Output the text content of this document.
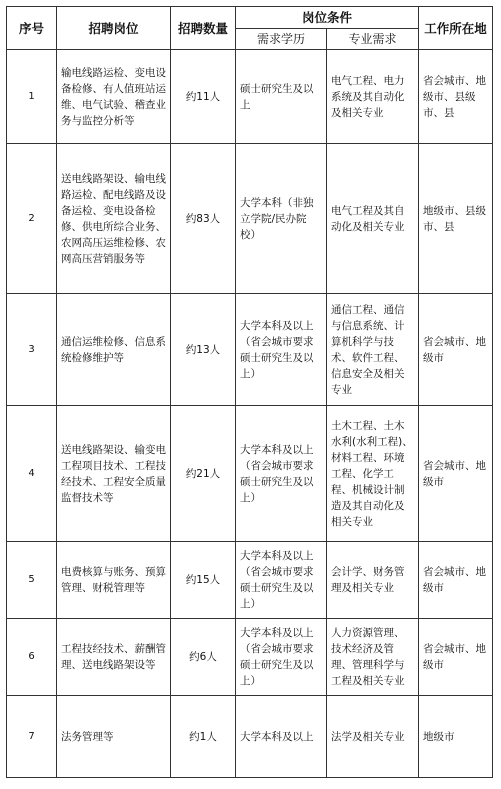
序号	招聘岗位	招聘数量	岗位条件		工作所在地
			需求学历	专业需求	
1	输电线路运检、变电设备检修、有人值班站运维、电气试验、稽查业务与监控分析等	约11人	硕士研究生及以上	电气工程、电力系统及其自动化及相关专业	省会城市、地级市、县级市、县
2	送电线路架设、输电线路运检、配电线路及设备运检、变电设备检修、供电所综合业务、农网高压运维检修、农网高压营销服务等	约83人	大学本科（非独立学院/民办院校）	电气工程及其自动化及相关专业	地级市、县级市、县
3	通信运维检修、信息系统检修维护等	约13人	大学本科及以上（省会城市要求硕士研究生及以上）	通信工程、通信与信息系统、计算机科学与技术、软件工程、信息安全及相关专业	省会城市、地级市
4	送电线路架设、输变电工程项目技术、工程技经技术、工程安全质量监督技术等	约21人	大学本科及以上（省会城市要求硕士研究生及以上）	土木工程、土木水利(水利工程)、材料工程、环境工程、化学工程、机械设计制造及其自动化及相关专业	省会城市、地级市
5	电费核算与账务、预算管理、财税管理等	约15人	大学本科及以上（省会城市要求硕士研究生及以上）	会计学、财务管理及相关专业	省会城市、地级市
6	工程技经技术、薪酬管理、送电线路架设等	约6人	大学本科及以上（省会城市要求硕士研究生及以上）	人力资源管理、技术经济及管理、管理科学与工程及相关专业	省会城市、地级市
7	法务管理等	约1人	大学本科及以上	法学及相关专业	地级市
